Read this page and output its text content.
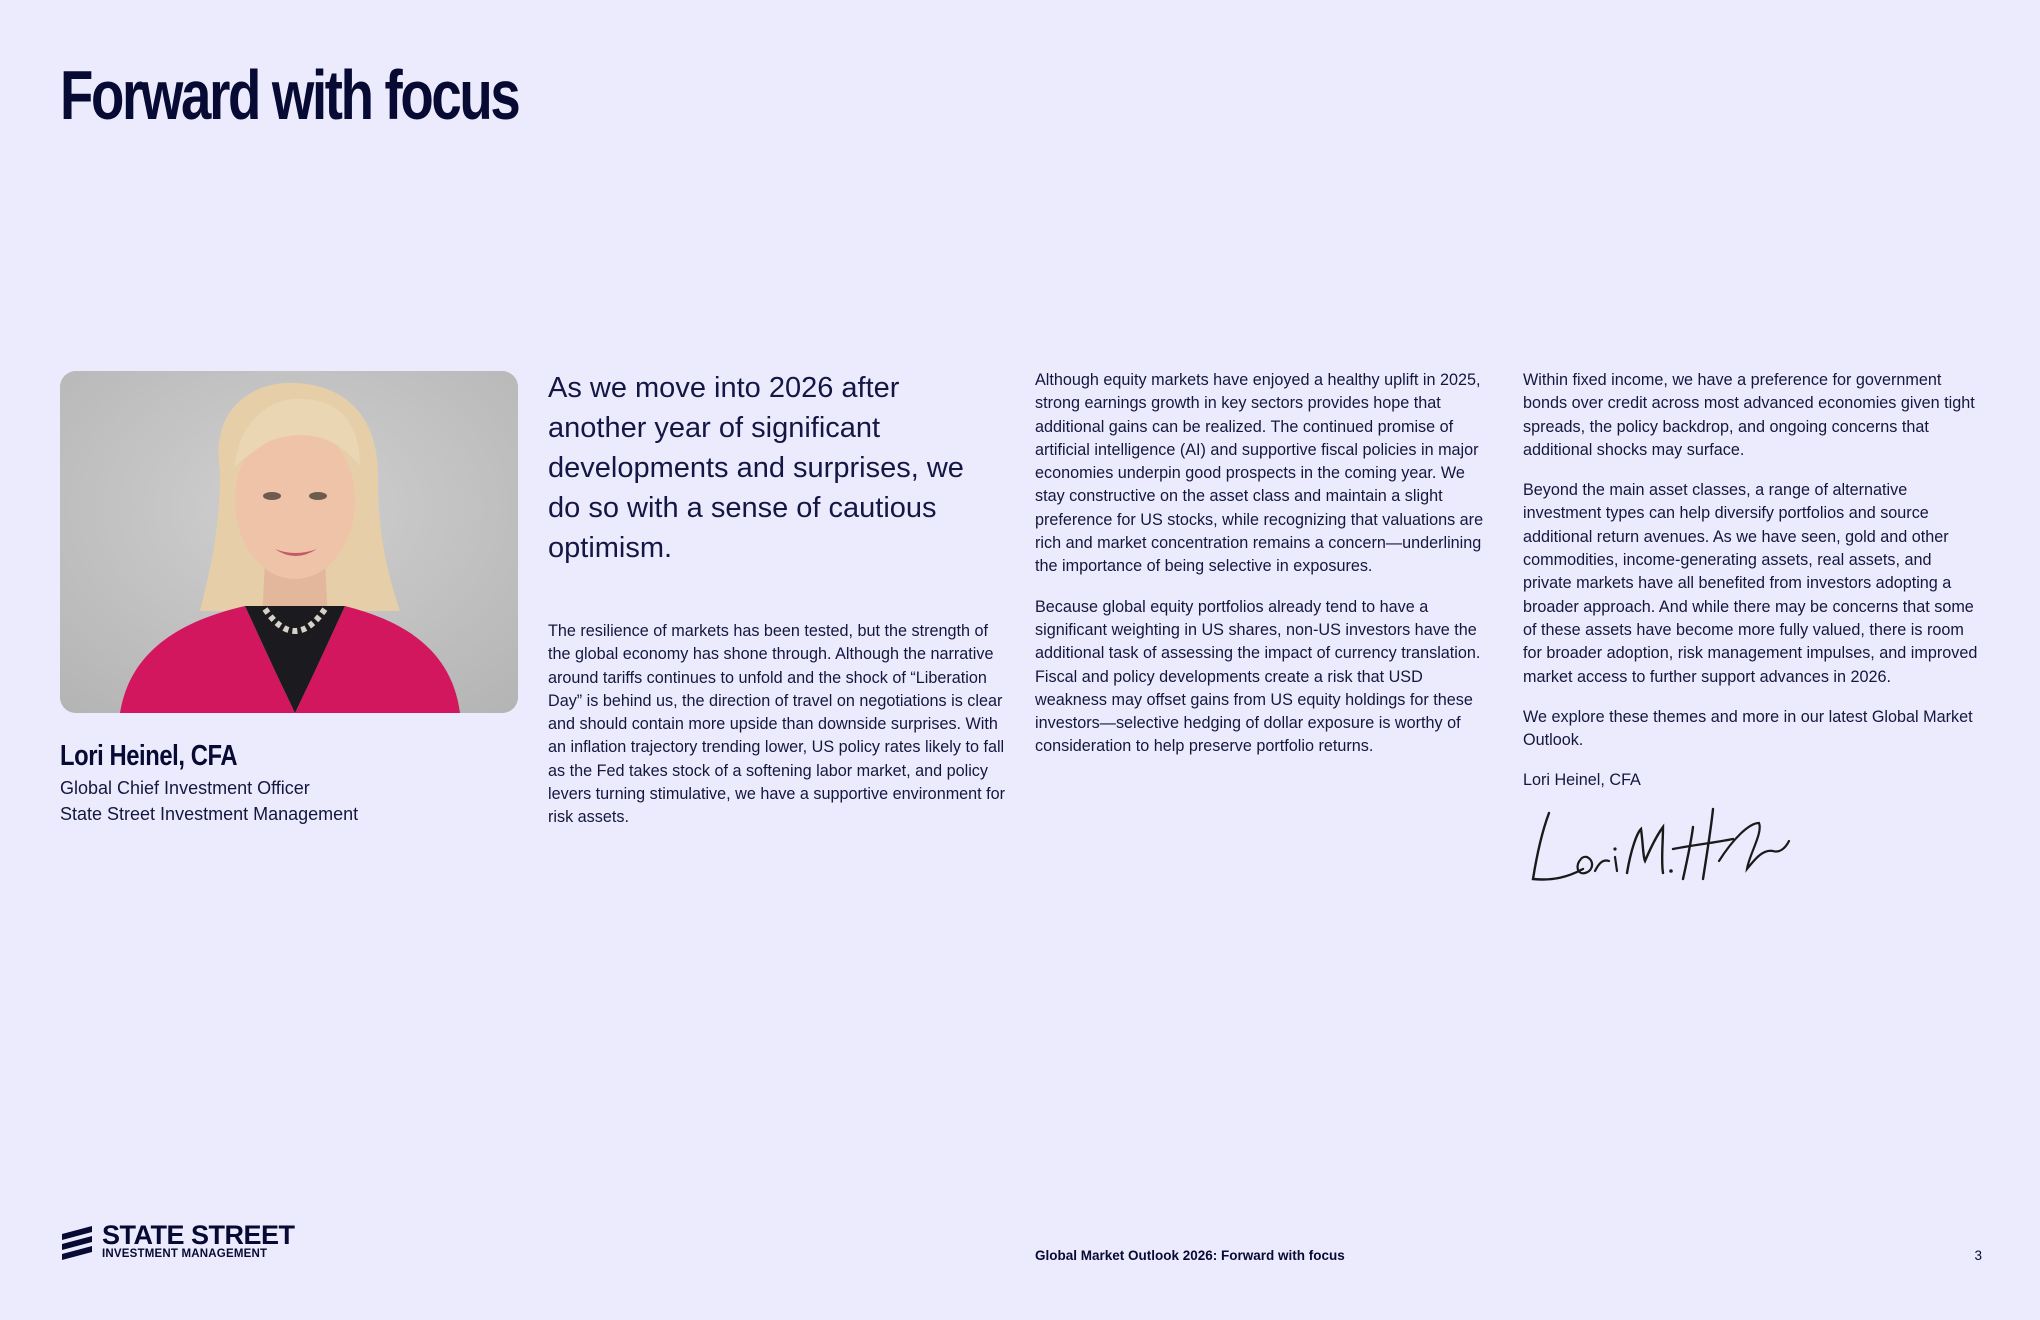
Forward with focus
Lori Heinel, CFA
Global Chief Investment Officer
State Street Investment Management

As we move into 2026 after another year of significant developments and surprises, we do so with a sense of cautious optimism.

The resilience of markets has been tested, but the strength of the global economy has shone through. Although the narrative around tariffs continues to unfold and the shock of “Liberation Day” is behind us, the direction of travel on negotiations is clear and should contain more upside than downside surprises. With an inflation trajectory trending lower, US policy rates likely to fall as the Fed takes stock of a softening labor market, and policy levers turning stimulative, we have a supportive environment for risk assets.

Although equity markets have enjoyed a healthy uplift in 2025, strong earnings growth in key sectors provides hope that additional gains can be realized. The continued promise of artificial intelligence (AI) and supportive fiscal policies in major economies underpin good prospects in the coming year. We stay constructive on the asset class and maintain a slight preference for US stocks, while recognizing that valuations are rich and market concentration remains a concern—underlining the importance of being selective in exposures.

Because global equity portfolios already tend to have a significant weighting in US shares, non-US investors have the additional task of assessing the impact of currency translation. Fiscal and policy developments create a risk that USD weakness may offset gains from US equity holdings for these investors—selective hedging of dollar exposure is worthy of consideration to help preserve portfolio returns.

Within fixed income, we have a preference for government bonds over credit across most advanced economies given tight spreads, the policy backdrop, and ongoing concerns that additional shocks may surface.

Beyond the main asset classes, a range of alternative investment types can help diversify portfolios and source additional return avenues. As we have seen, gold and other commodities, income-generating assets, real assets, and private markets have all benefited from investors adopting a broader approach. And while there may be concerns that some of these assets have become more fully valued, there is room for broader adoption, risk management impulses, and improved market access to further support advances in 2026.

We explore these themes and more in our latest Global Market Outlook.

Lori Heinel, CFA

STATE STREET
INVESTMENT MANAGEMENT	Global Market Outlook 2026: Forward with focus	3
